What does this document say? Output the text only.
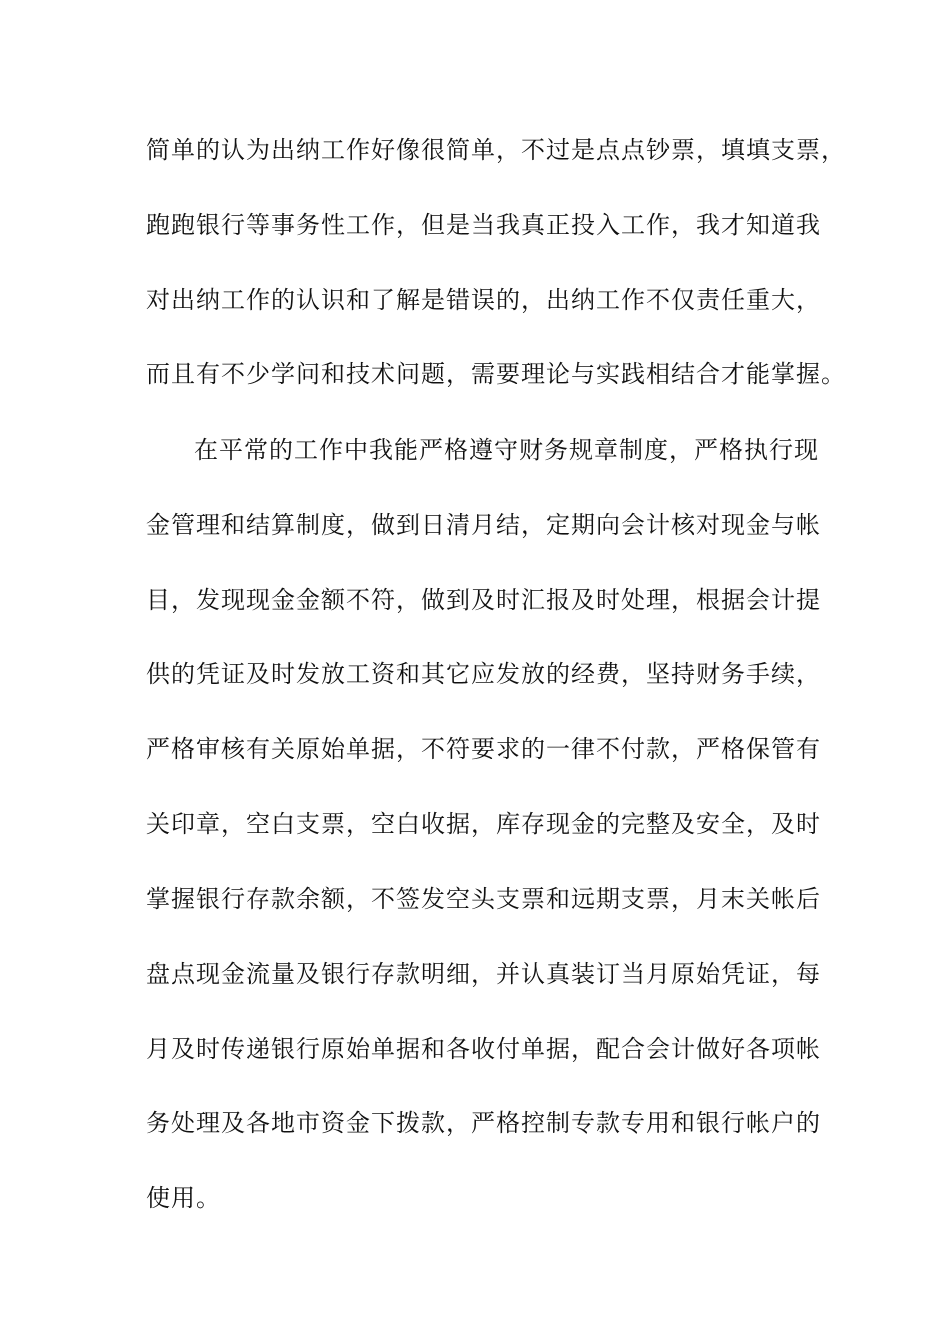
简单的认为出纳工作好像很简单，不过是点点钞票，填填支票，
跑跑银行等事务性工作，但是当我真正投入工作，我才知道我
对出纳工作的认识和了解是错误的，出纳工作不仅责任重大，
而且有不少学问和技术问题，需要理论与实践相结合才能掌握。
在平常的工作中我能严格遵守财务规章制度，严格执行现
金管理和结算制度，做到日清月结，定期向会计核对现金与帐
目，发现现金金额不符，做到及时汇报及时处理，根据会计提
供的凭证及时发放工资和其它应发放的经费，坚持财务手续，
严格审核有关原始单据，不符要求的一律不付款，严格保管有
关印章，空白支票，空白收据，库存现金的完整及安全，及时
掌握银行存款余额，不签发空头支票和远期支票，月末关帐后
盘点现金流量及银行存款明细，并认真装订当月原始凭证，每
月及时传递银行原始单据和各收付单据，配合会计做好各项帐
务处理及各地市资金下拨款，严格控制专款专用和银行帐户的
使用。
